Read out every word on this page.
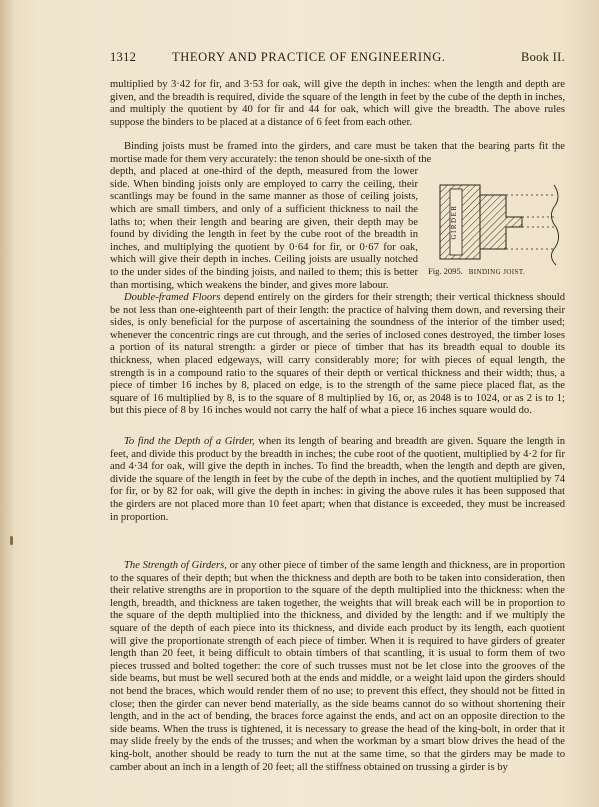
1312	THEORY AND PRACTICE OF ENGINEERING.	Book II.

multiplied by 3·42 for fir, and 3·53 for oak, will give the depth in inches: when the length and depth are given, and the breadth is required, divide the square of the length in feet by the cube of the depth in inches, and multiply the quotient by 40 for fir and 44 for oak, which will give the breadth. The above rules suppose the binders to be placed at a distance of 6 feet from each other.

Binding joists must be framed into the girders, and care must be taken that the bearing parts fit the mortise made for them very accurately: the tenon should be one-sixth of the

depth, and placed at one-third of the depth, measured from the lower side. When binding joists only are employed to carry the ceiling, their scantlings may be found in the same manner as those of ceiling joists, which are small timbers, and only of a sufficient thickness to nail the laths to; when their length and bearing are given, their depth may be found by dividing the length in feet by the cube root of the breadth in inches, and multiplying the quotient by 0·64 for fir, or 0·67 for oak, which will give their depth in inches. Ceiling joists are usually notched to the under sides of the binding joists, and nailed to them; this is better than mortising, which weakens the binder, and gives more labour.

GIRDER
Fig. 2095. BINDING JOIST.

Double-framed Floors depend entirely on the girders for their strength; their vertical thickness should be not less than one-eighteenth part of their length: the practice of halving them down, and reversing their sides, is only beneficial for the purpose of ascertaining the soundness of the interior of the timber used; whenever the concentric rings are cut through, and the series of inclosed cones destroyed, the timber loses a portion of its natural strength: a girder or piece of timber that has its breadth equal to double its thickness, when placed edgeways, will carry considerably more; for with pieces of equal length, the strength is in a compound ratio to the squares of their depth or vertical thickness and their width; thus, a piece of timber 16 inches by 8, placed on edge, is to the strength of the same piece placed flat, as the square of 16 multiplied by 8, is to the square of 8 multiplied by 16, or, as 2048 is to 1024, or as 2 is to 1; but this piece of 8 by 16 inches would not carry the half of what a piece 16 inches square would do.

To find the Depth of a Girder, when its length of bearing and breadth are given. Square the length in feet, and divide this product by the breadth in inches; the cube root of the quotient, multiplied by 4·2 for fir and 4·34 for oak, will give the depth in inches. To find the breadth, when the length and depth are given, divide the square of the length in feet by the cube of the depth in inches, and the quotient multiplied by 74 for fir, or by 82 for oak, will give the depth in inches: in giving the above rules it has been supposed that the girders are not placed more than 10 feet apart; when that distance is exceeded, they must be increased in proportion.

The Strength of Girders, or any other piece of timber of the same length and thickness, are in proportion to the squares of their depth; but when the thickness and depth are both to be taken into consideration, then their relative strengths are in proportion to the square of the depth multiplied into the thickness: when the length, breadth, and thickness are taken together, the weights that will break each will be in proportion to the square of the depth multiplied into the thickness, and divided by the length: and if we multiply the square of the depth of each piece into its thickness, and divide each product by its length, each quotient will give the proportionate strength of each piece of timber. When it is required to have girders of greater length than 20 feet, it being difficult to obtain timbers of that scantling, it is usual to form them of two pieces trussed and bolted together: the core of such trusses must not be let close into the grooves of the side beams, but must be well secured both at the ends and middle, or a weight laid upon the girders should not bend the braces, which would render them of no use; to prevent this effect, they should not be fitted in close; then the girder can never bend materially, as the side beams cannot do so without shortening their length, and in the act of bending, the braces force against the ends, and act on an opposite direction to the side beams. When the truss is tightened, it is necessary to grease the head of the king-bolt, in order that it may slide freely by the ends of the trusses; and when the workman by a smart blow drives the head of the king-bolt, another should be ready to turn the nut at the same time, so that the girders may be made to camber about an inch in a length of 20 feet; all the stiffness obtained on trussing a girder is by
